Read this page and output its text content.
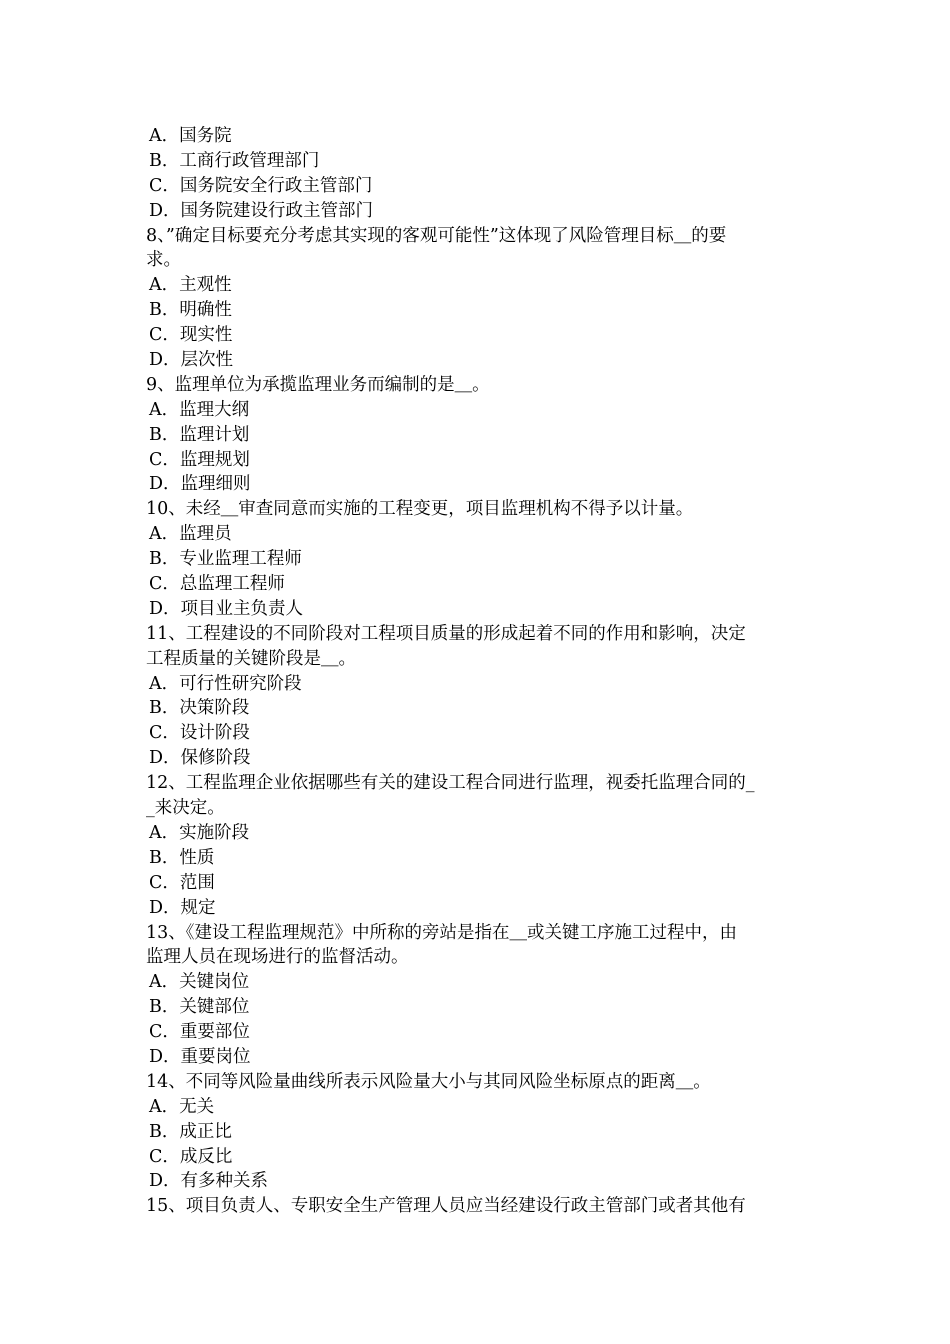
A．国务院
B．工商行政管理部门
C．国务院安全行政主管部门
D．国务院建设行政主管部门
8、”确定目标要充分考虑其实现的客观可能性”这体现了风险管理目标＿的要
求。
A．主观性
B．明确性
C．现实性
D．层次性
9、监理单位为承揽监理业务而编制的是＿。
A．监理大纲
B．监理计划
C．监理规划
D．监理细则
10、未经＿审查同意而实施的工程变更，项目监理机构不得予以计量。
A．监理员
B．专业监理工程师
C．总监理工程师
D．项目业主负责人
11、工程建设的不同阶段对工程项目质量的形成起着不同的作用和影响，决定
工程质量的关键阶段是＿。
A．可行性研究阶段
B．决策阶段
C．设计阶段
D．保修阶段
12、工程监理企业依据哪些有关的建设工程合同进行监理，视委托监理合同的_
_来决定。
A．实施阶段
B．性质
C．范围
D．规定
13、《建设工程监理规范》中所称的旁站是指在＿或关键工序施工过程中，由
监理人员在现场进行的监督活动。
A．关键岗位
B．关键部位
C．重要部位
D．重要岗位
14、不同等风险量曲线所表示风险量大小与其同风险坐标原点的距离＿。
A．无关
B．成正比
C．成反比
D．有多种关系
15、项目负责人、专职安全生产管理人员应当经建设行政主管部门或者其他有
